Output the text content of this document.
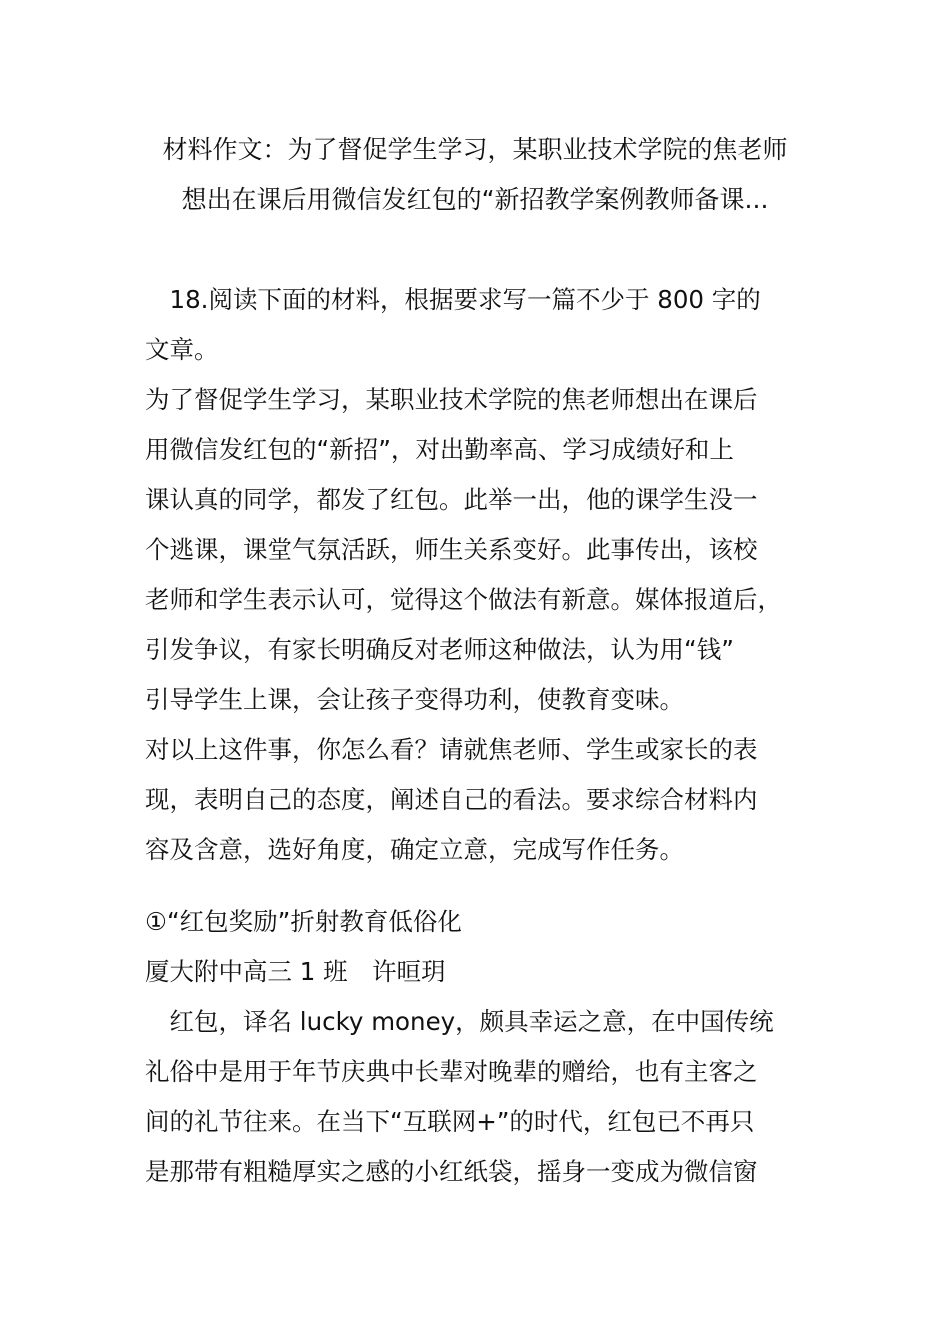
材料作文：为了督促学生学习，某职业技术学院的焦老师
想出在课后用微信发红包的“新招教学案例教师备课...
　18.阅读下面的材料，根据要求写一篇不少于 800 字的
文章。
为了督促学生学习，某职业技术学院的焦老师想出在课后
用微信发红包的“新招”，对出勤率高、学习成绩好和上
课认真的同学，都发了红包。此举一出，他的课学生没一
个逃课，课堂气氛活跃，师生关系变好。此事传出，该校
老师和学生表示认可，觉得这个做法有新意。媒体报道后，
引发争议，有家长明确反对老师这种做法，认为用“钱”
引导学生上课，会让孩子变得功利，使教育变味。
对以上这件事，你怎么看？请就焦老师、学生或家长的表
现，表明自己的态度，阐述自己的看法。要求综合材料内
容及含意，选好角度，确定立意，完成写作任务。
①“红包奖励”折射教育低俗化
厦大附中高三 1 班　许晅玥
　红包，译名 lucky money，颇具幸运之意，在中国传统
礼俗中是用于年节庆典中长辈对晚辈的赠给，也有主客之
间的礼节往来。在当下“互联网+”的时代，红包已不再只
是那带有粗糙厚实之感的小红纸袋，摇身一变成为微信窗
